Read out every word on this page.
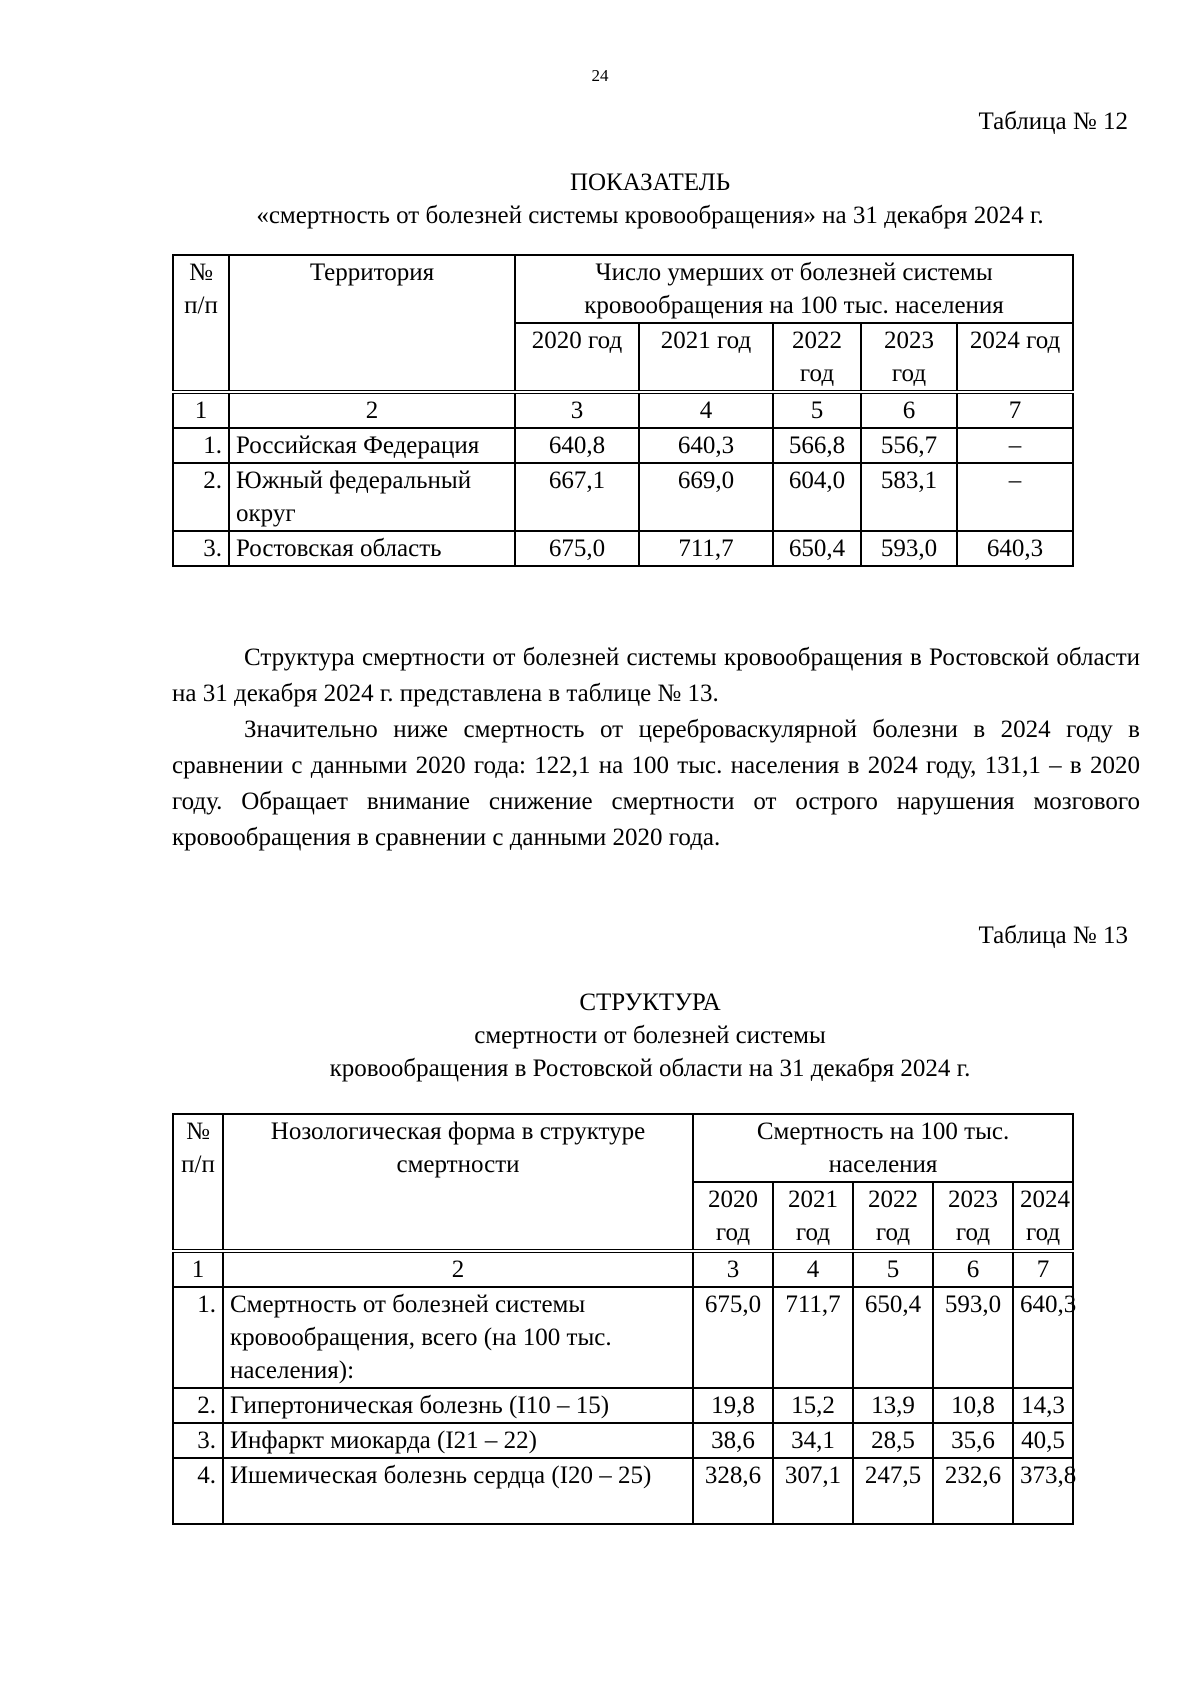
24
Таблица № 12
ПОКАЗАТЕЛЬ
«смертность от болезней системы кровообращения» на 31 декабря 2024 г.
№ п/п	Территория	Число умерших от болезней системы кровообращения на 100 тыс. населения				
		2020 год	2021 год	2022 год	2023 год	2024 год
1	2	3	4	5	6	7
1.	Российская Федерация	640,8	640,3	566,8	556,7	–
2.	Южный федеральный округ	667,1	669,0	604,0	583,1	–
3.	Ростовская область	675,0	711,7	650,4	593,0	640,3

Структура смертности от болезней системы кровообращения в Ростовской области на 31 декабря 2024 г. представлена в таблице № 13.

Значительно ниже смертность от цереброваскулярной болезни в 2024 году в сравнении с данными 2020 года: 122,1 на 100 тыс. населения в 2024 году, 131,1 – в 2020 году. Обращает внимание снижение смертности от острого нарушения мозгового кровообращения в сравнении с данными 2020 года.

Таблица № 13
СТРУКТУРА
смертности от болезней системы
кровообращения в Ростовской области на 31 декабря 2024 г.
№ п/п	Нозологическая форма в структуре смертности	Смертность на 100 тыс. населения				
		2020 год	2021 год	2022 год	2023 год	2024 год
1	2	3	4	5	6	7
1.	Смертность от болезней системы кровообращения, всего (на 100 тыс. населения):	675,0	711,7	650,4	593,0	640,3
2.	Гипертоническая болезнь (I10 – 15)	19,8	15,2	13,9	10,8	14,3
3.	Инфаркт миокарда (I21 – 22)	38,6	34,1	28,5	35,6	40,5
4.	Ишемическая болезнь сердца (I20 – 25)	328,6	307,1	247,5	232,6	373,8
